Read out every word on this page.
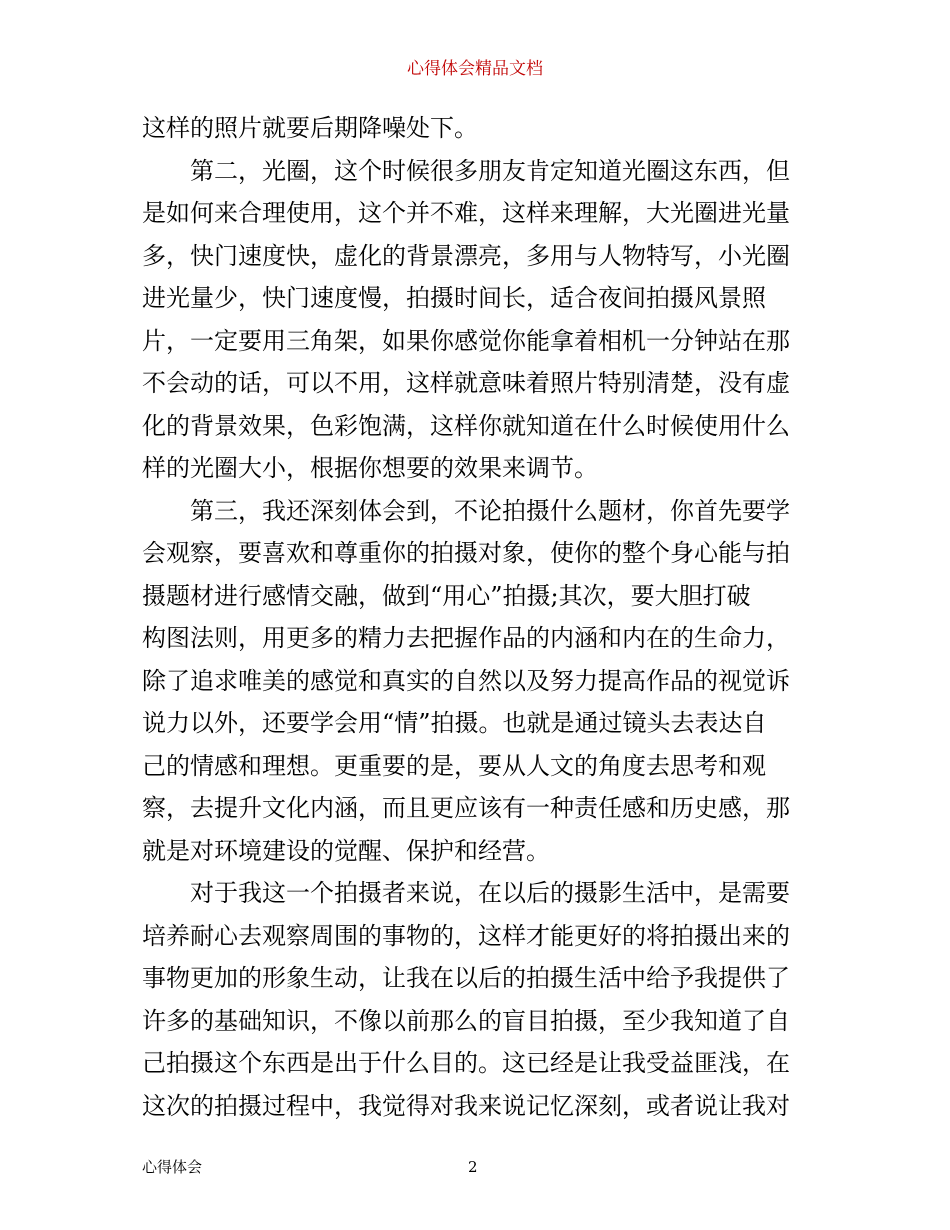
心得体会精品文档
这样的照片就要后期降噪处下。
　　第二，光圈，这个时候很多朋友肯定知道光圈这东西，但
是如何来合理使用，这个并不难，这样来理解，大光圈进光量
多，快门速度快，虚化的背景漂亮，多用与人物特写，小光圈
进光量少，快门速度慢，拍摄时间长，适合夜间拍摄风景照
片，一定要用三角架，如果你感觉你能拿着相机一分钟站在那
不会动的话，可以不用，这样就意味着照片特别清楚，没有虚
化的背景效果，色彩饱满，这样你就知道在什么时候使用什么
样的光圈大小，根据你想要的效果来调节。
　　第三，我还深刻体会到，不论拍摄什么题材，你首先要学
会观察，要喜欢和尊重你的拍摄对象，使你的整个身心能与拍
摄题材进行感情交融，做到“用心”拍摄;其次，要大胆打破
构图法则，用更多的精力去把握作品的内涵和内在的生命力，
除了追求唯美的感觉和真实的自然以及努力提高作品的视觉诉
说力以外，还要学会用“情”拍摄。也就是通过镜头去表达自
己的情感和理想。更重要的是，要从人文的角度去思考和观
察，去提升文化内涵，而且更应该有一种责任感和历史感，那
就是对环境建设的觉醒、保护和经营。
　　对于我这一个拍摄者来说，在以后的摄影生活中，是需要
培养耐心去观察周围的事物的，这样才能更好的将拍摄出来的
事物更加的形象生动，让我在以后的拍摄生活中给予我提供了
许多的基础知识，不像以前那么的盲目拍摄，至少我知道了自
己拍摄这个东西是出于什么目的。这已经是让我受益匪浅，在
这次的拍摄过程中，我觉得对我来说记忆深刻，或者说让我对
心得体会	2
